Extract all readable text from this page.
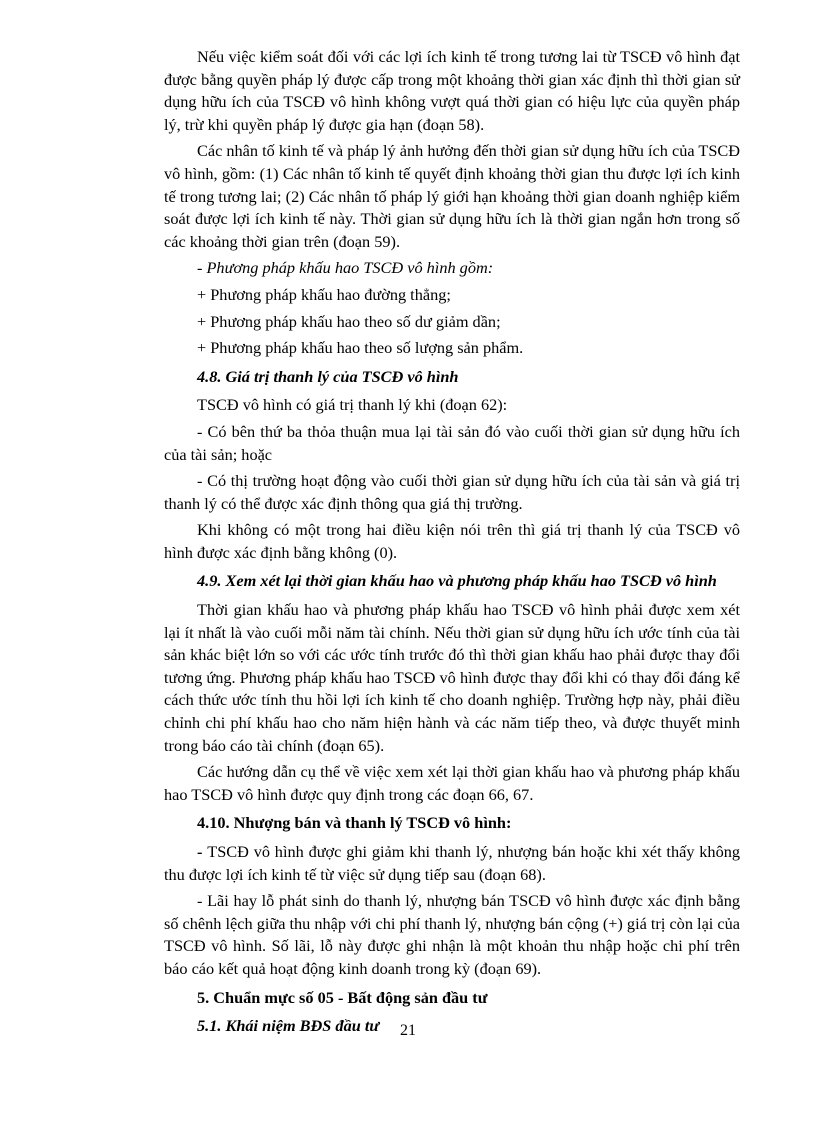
Nếu việc kiểm soát đối với các lợi ích kinh tế trong tương lai từ TSCĐ vô hình đạt được bằng quyền pháp lý được cấp trong một khoảng thời gian xác định thì thời gian sử dụng hữu ích của TSCĐ vô hình không vượt quá thời gian có hiệu lực của quyền pháp lý, trừ khi quyền pháp lý được gia hạn (đoạn 58).

Các nhân tố kinh tế và pháp lý ảnh hưởng đến thời gian sử dụng hữu ích của TSCĐ vô hình, gồm: (1) Các nhân tố kinh tế quyết định khoảng thời gian thu được lợi ích kinh tế trong tương lai; (2) Các nhân tố pháp lý giới hạn khoảng thời gian doanh nghiệp kiểm soát được lợi ích kinh tế này. Thời gian sử dụng hữu ích là thời gian ngắn hơn trong số các khoảng thời gian trên (đoạn 59).

- Phương pháp khấu hao TSCĐ vô hình gồm:

+ Phương pháp khấu hao đường thẳng;

+ Phương pháp khấu hao theo số dư giảm dần;

+ Phương pháp khấu hao theo số lượng sản phẩm.

4.8. Giá trị thanh lý của TSCĐ vô hình

TSCĐ vô hình có giá trị thanh lý khi (đoạn 62):

- Có bên thứ ba thỏa thuận mua lại tài sản đó vào cuối thời gian sử dụng hữu ích của tài sản; hoặc

- Có thị trường hoạt động vào cuối thời gian sử dụng hữu ích của tài sản và giá trị thanh lý có thể được xác định thông qua giá thị trường.

Khi không có một trong hai điều kiện nói trên thì giá trị thanh lý của TSCĐ vô hình được xác định bằng không (0).

4.9. Xem xét lại thời gian khấu hao và phương pháp khấu hao TSCĐ vô hình

Thời gian khấu hao và phương pháp khấu hao TSCĐ vô hình phải được xem xét lại ít nhất là vào cuối mỗi năm tài chính. Nếu thời gian sử dụng hữu ích ước tính của tài sản khác biệt lớn so với các ước tính trước đó thì thời gian khấu hao phải được thay đổi tương ứng. Phương pháp khấu hao TSCĐ vô hình được thay đổi khi có thay đổi đáng kể cách thức ước tính thu hồi lợi ích kinh tế cho doanh nghiệp. Trường hợp này, phải điều chỉnh chi phí khấu hao cho năm hiện hành và các năm tiếp theo, và được thuyết minh trong báo cáo tài chính (đoạn 65).

Các hướng dẫn cụ thể về việc xem xét lại thời gian khấu hao và phương pháp khấu hao TSCĐ vô hình được quy định trong các đoạn 66, 67.

4.10. Nhượng bán và thanh lý TSCĐ vô hình:

- TSCĐ vô hình được ghi giảm khi thanh lý, nhượng bán hoặc khi xét thấy không thu được lợi ích kinh tế từ việc sử dụng tiếp sau (đoạn 68).

- Lãi hay lỗ phát sinh do thanh lý, nhượng bán TSCĐ vô hình được xác định bằng số chênh lệch giữa thu nhập với chi phí thanh lý, nhượng bán cộng (+) giá trị còn lại của TSCĐ vô hình. Số lãi, lỗ này được ghi nhận là một khoản thu nhập hoặc chi phí trên báo cáo kết quả hoạt động kinh doanh trong kỳ (đoạn 69).

5. Chuẩn mực số 05 - Bất động sản đầu tư

5.1. Khái niệm BĐS đầu tư	21
